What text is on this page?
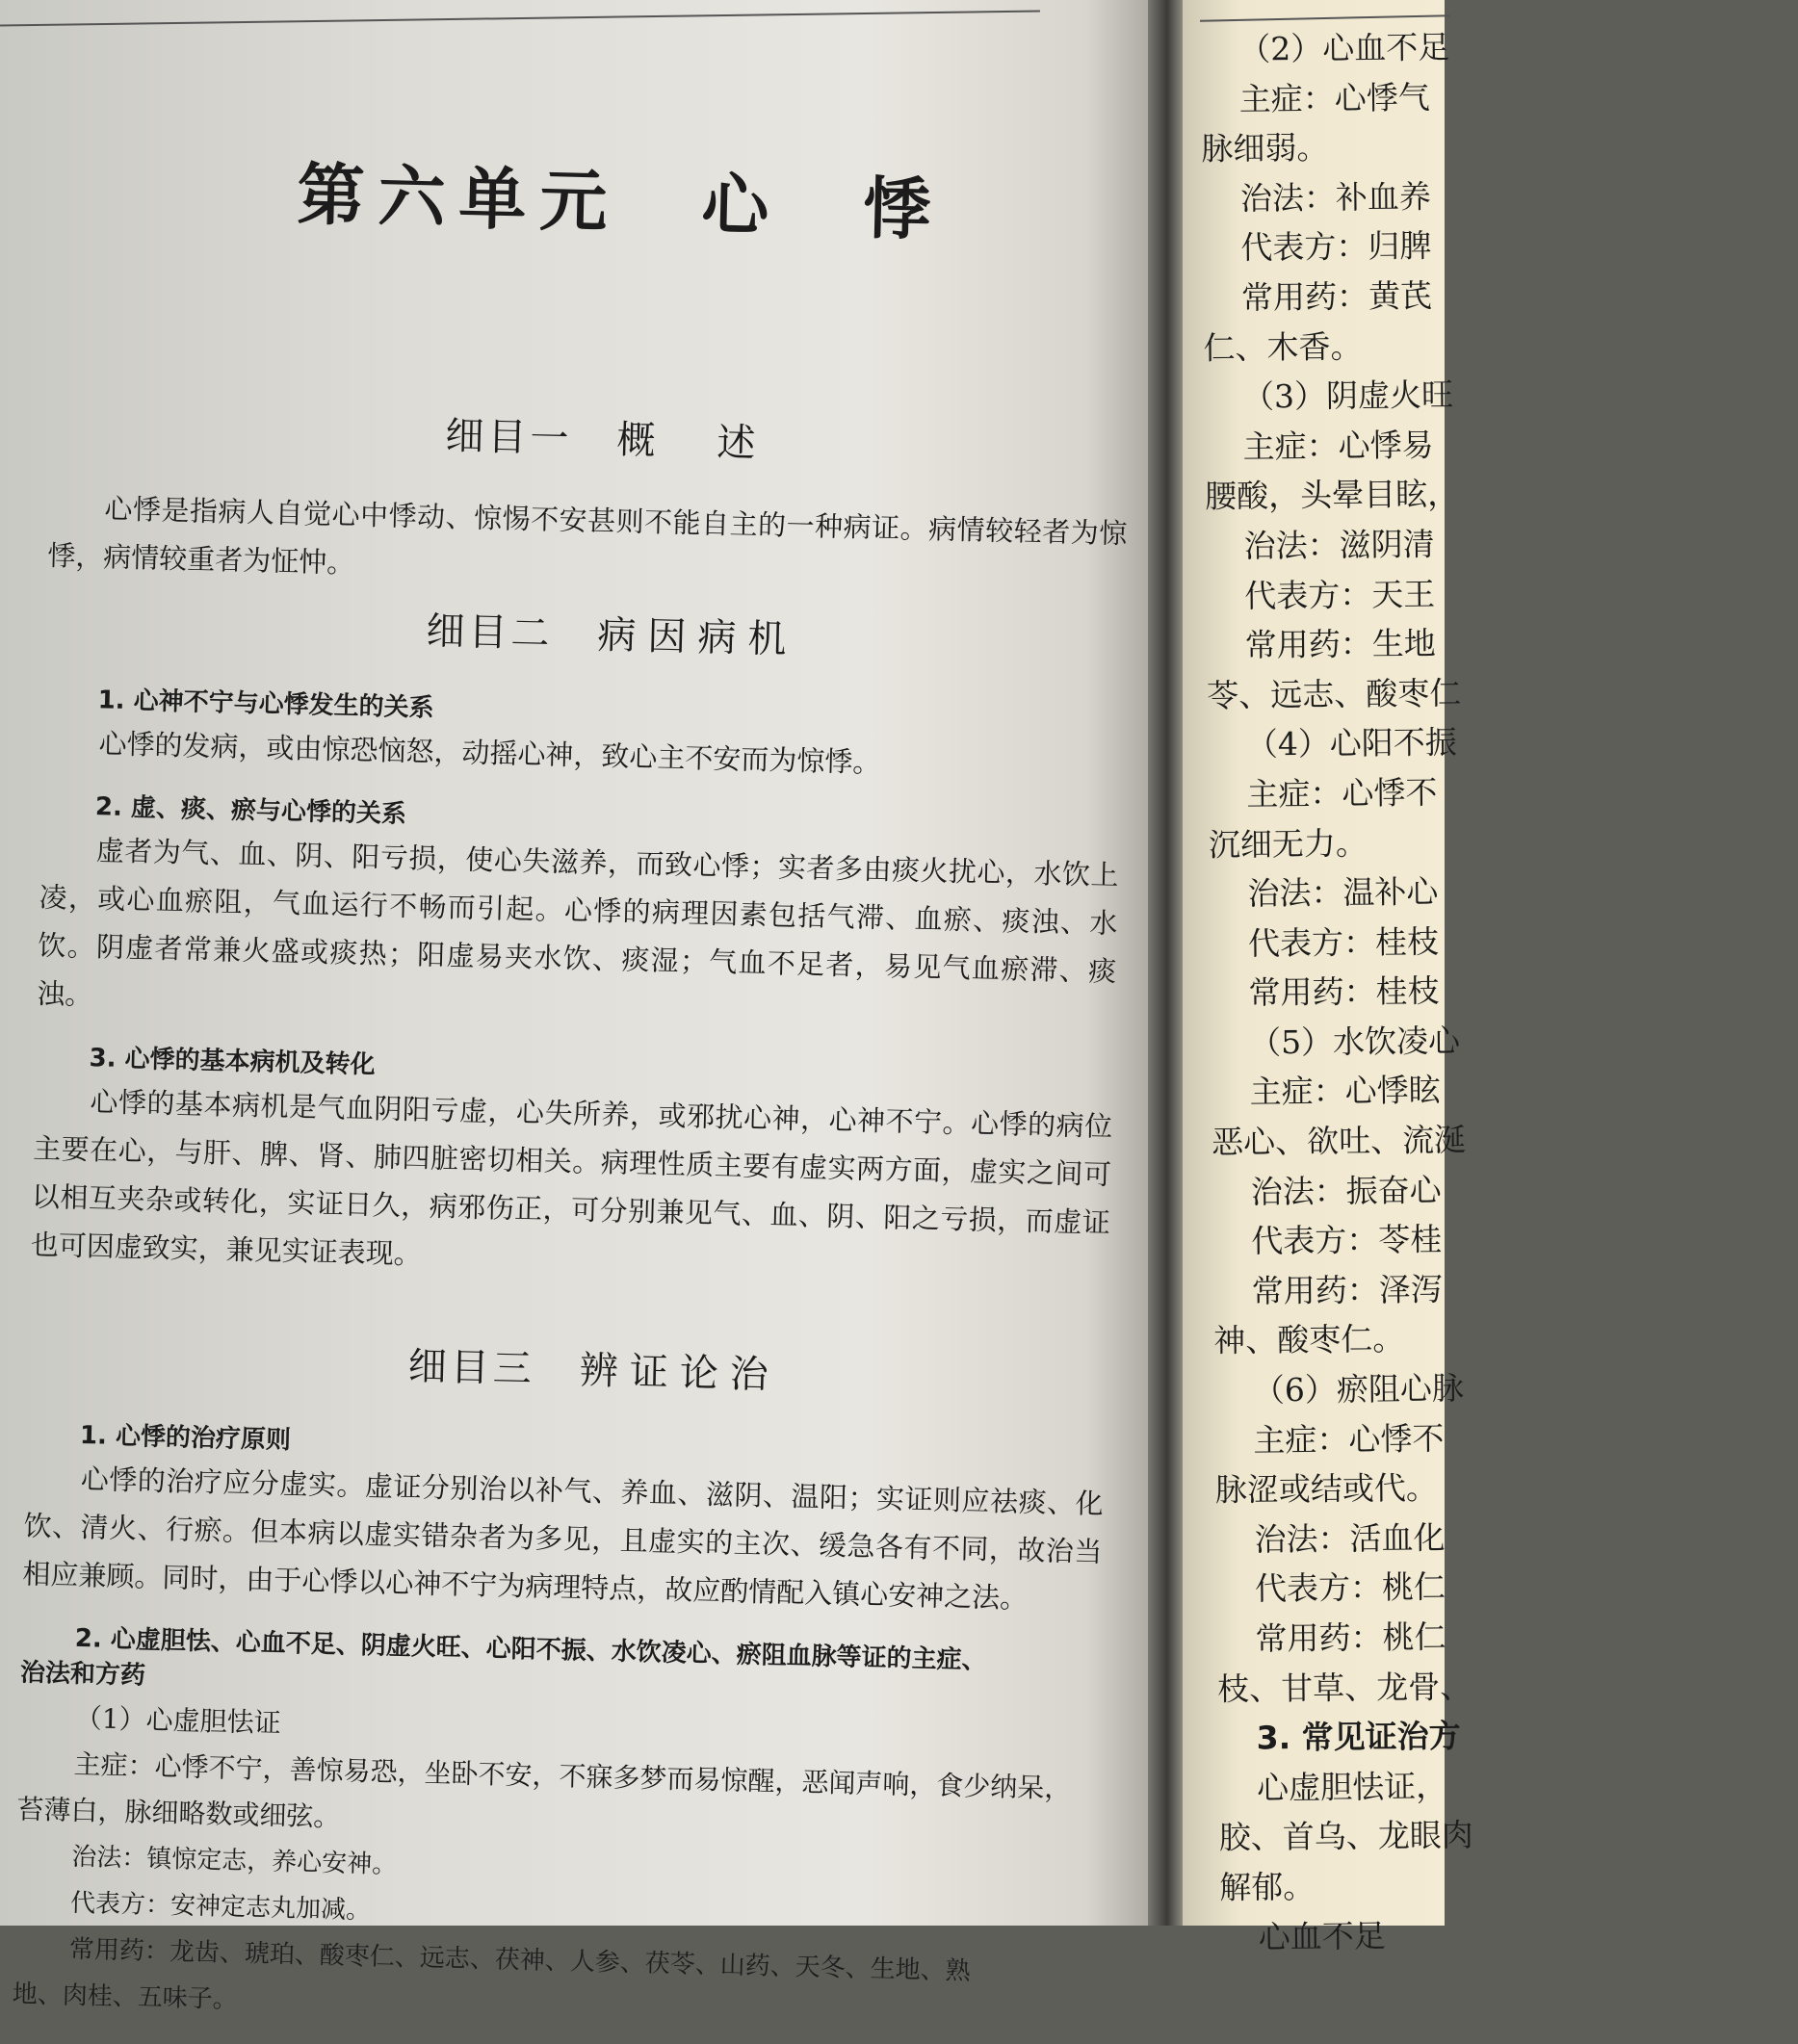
第六单元　心　悸
细目一 概　述

心悸是指病人自觉心中悸动、惊惕不安甚则不能自主的一种病证。病情较轻者为惊悸，病情较重者为怔忡。

细目二 病因病机
1. 心神不宁与心悸发生的关系

心悸的发病，或由惊恐恼怒，动摇心神，致心主不安而为惊悸。

2. 虚、痰、瘀与心悸的关系

虚者为气、血、阴、阳亏损，使心失滋养，而致心悸；实者多由痰火扰心，水饮上凌，或心血瘀阻，气血运行不畅而引起。心悸的病理因素包括气滞、血瘀、痰浊、水饮。阴虚者常兼火盛或痰热；阳虚易夹水饮、痰湿；气血不足者，易见气血瘀滞、痰浊。

3. 心悸的基本病机及转化

心悸的基本病机是气血阴阳亏虚，心失所养，或邪扰心神，心神不宁。心悸的病位主要在心，与肝、脾、肾、肺四脏密切相关。病理性质主要有虚实两方面，虚实之间可以相互夹杂或转化，实证日久，病邪伤正，可分别兼见气、血、阴、阳之亏损，而虚证也可因虚致实，兼见实证表现。

细目三 辨证论治
1. 心悸的治疗原则

心悸的治疗应分虚实。虚证分别治以补气、养血、滋阴、温阳；实证则应祛痰、化饮、清火、行瘀。但本病以虚实错杂者为多见，且虚实的主次、缓急各有不同，故治当相应兼顾。同时，由于心悸以心神不宁为病理特点，故应酌情配入镇心安神之法。

2. 心虚胆怯、心血不足、阴虚火旺、心阳不振、水饮凌心、瘀阻血脉等证的主症、
治法和方药
（1）心虚胆怯证
主症：心悸不宁，善惊易恐，坐卧不安，不寐多梦而易惊醒，恶闻声响，食少纳呆，
苔薄白，脉细略数或细弦。
治法：镇惊定志，养心安神。
代表方：安神定志丸加减。
常用药：龙齿、琥珀、酸枣仁、远志、茯神、人参、茯苓、山药、天冬、生地、熟
地、肉桂、五味子。
（2）心血不足
主症：心悸气
脉细弱。
治法：补血养
代表方：归脾
常用药：黄芪
仁、木香。
（3）阴虚火旺
主症：心悸易
腰酸，头晕目眩，
治法：滋阴清
代表方：天王
常用药：生地
苓、远志、酸枣仁
（4）心阳不振
主症：心悸不
沉细无力。
治法：温补心
代表方：桂枝
常用药：桂枝
（5）水饮凌心
主症：心悸眩
恶心、欲吐、流涎
治法：振奋心
代表方：苓桂
常用药：泽泻
神、酸枣仁。
（6）瘀阻心脉
主症：心悸不
脉涩或结或代。
治法：活血化
代表方：桃仁
常用药：桃仁
枝、甘草、龙骨、
3. 常见证治方
心虚胆怯证，
胶、首乌、龙眼肉
解郁。
心血不足
